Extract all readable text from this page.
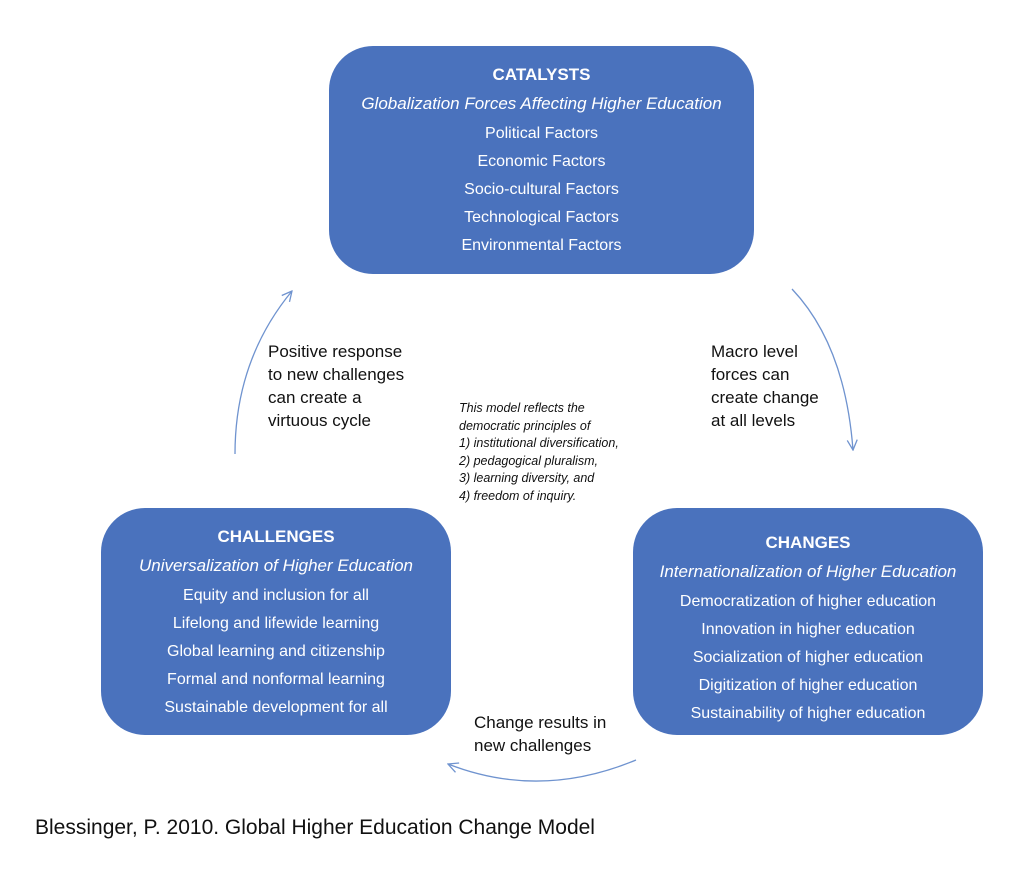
CATALYSTS
Globalization Forces Affecting Higher Education
Political Factors
Economic Factors
Socio-cultural Factors
Technological Factors
Environmental Factors
CHALLENGES
Universalization of Higher Education
Equity and inclusion for all
Lifelong and lifewide learning
Global learning and citizenship
Formal and nonformal learning
Sustainable development for all
CHANGES
Internationalization of Higher Education
Democratization of higher education
Innovation in higher education
Socialization of higher education
Digitization of higher education
Sustainability of higher education
Positive response
to new challenges
can create a
virtuous cycle
Macro level
forces can
create change
at all levels
Change results in
new challenges
This model reflects the
democratic principles of
1) institutional diversification,
2) pedagogical pluralism,
3) learning diversity, and
4) freedom of inquiry.
Blessinger, P. 2010. Global Higher Education Change Model
